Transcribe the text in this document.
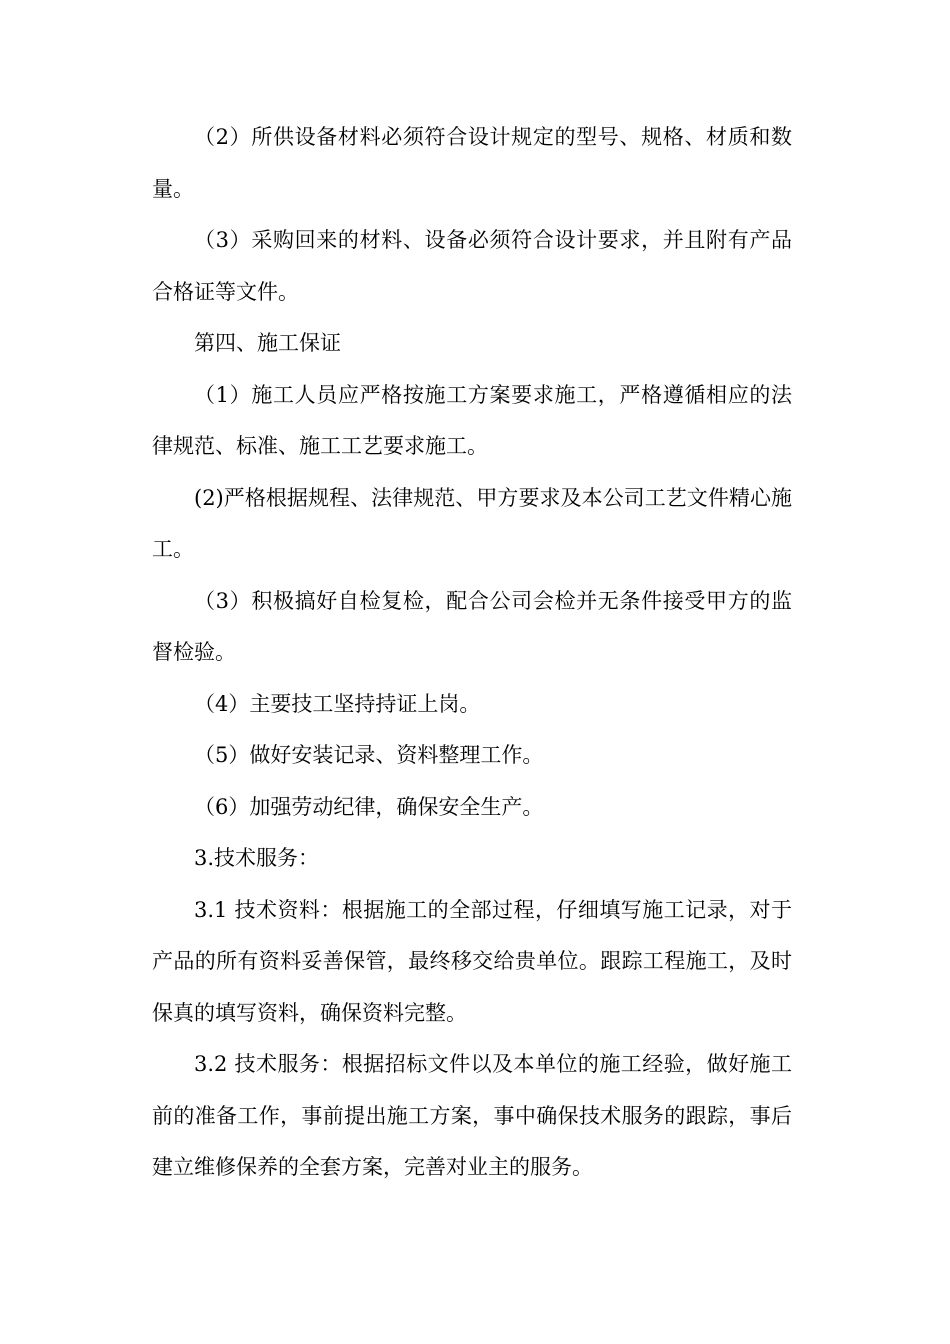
（2）所供设备材料必须符合设计规定的型号、规格、材质和数量。

（3）采购回来的材料、设备必须符合设计要求，并且附有产品合格证等文件。

第四、施工保证

（1）施工人员应严格按施工方案要求施工，严格遵循相应的法律规范、标准、施工工艺要求施工。

(2)严格根据规程、法律规范、甲方要求及本公司工艺文件精心施工。

（3）积极搞好自检复检，配合公司会检并无条件接受甲方的监督检验。

（4）主要技工坚持持证上岗。

（5）做好安装记录、资料整理工作。

（6）加强劳动纪律，确保安全生产。

3.技术服务：

3.1 技术资料：根据施工的全部过程，仔细填写施工记录，对于产品的所有资料妥善保管，最终移交给贵单位。跟踪工程施工，及时保真的填写资料，确保资料完整。

3.2 技术服务：根据招标文件以及本单位的施工经验，做好施工前的准备工作，事前提出施工方案，事中确保技术服务的跟踪，事后建立维修保养的全套方案，完善对业主的服务。
